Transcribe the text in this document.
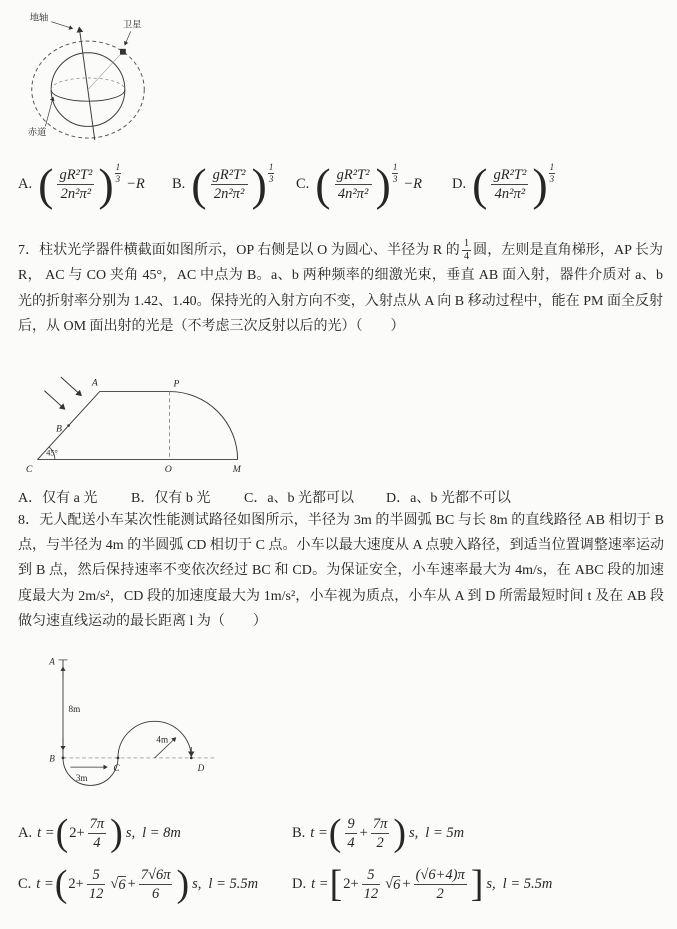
地轴
卫星
赤道
A. ( $\frac{\text{gR²T²}}{\text{2n²π²}}$ ) $\frac{1}{3} -R$ B. ( $\frac{\text{gR²T²}}{\text{2n²π²}}$ ) $\frac{1}{3} C$. ( $\frac{\text{gR²T²}}{\text{4n²π²}}$ ) $\frac{1}{3} -R$ D. ( $\frac{\text{gR²T²}}{\text{4n²π²}}$ ) $\frac{1}{3}$
7．柱状光学器件横截面如图所示，OP 右侧是以 O 为圆心、半径为 R 的 $\frac{1}{4}$ 圆，左则是直角梯形，AP 长为 R， AC 与 CO 夹角 45°，AC 中点为 B。a、b 两种频率的细激光束，垂直 AB 面入射，器件介质对 a、b 光的折射率分别为 1.42、1.40。保持光的入射方向不变，入射点从 A 向 B 移动过程中，能在 PM 面全反射后，从 OM 面出射的光是（不考虑三次反射以后的光）（　　）
A
B
C
45°
O	M
P
A．仅有 a 光 B．仅有 b 光 C．a、b 光都可以 D．a、b 光都不可以
8．无人配送小车某次性能测试路径如图所示，半径为 3m 的半圆弧 BC 与长 8m 的直线路径 AB 相切于 B 点，与半径为 4m 的半圆弧 CD 相切于 C 点。小车以最大速度从 A 点驶入路径，到适当位置调整速率运动到 B 点，然后保持速率不变依次经过 BC 和 CD。为保证安全，小车速率最大为 4m/s，在 ABC 段的加速度最大为 2m/s²，CD 段的加速度最大为 1m/s²，小车视为质点，小车从 A 到 D 所需最短时间 t 及在 AB 段做匀速直线运动的最长距离 l 为（　　）
A
B
C	D
8m
3m
4m
A. t = ( $2+ \frac{7\pi}{4}$ ) s, l = 8m	B. t = ( $\frac{9}{4} + \frac{7\pi}{2}$ ) s, l = 5m
C. t = ( $2+ \frac{5}{12}$ √ $6 + \frac{7√6\pi}{6}$ ) s, l = 5.5m D. t = [ $2+ \frac{5}{12}$ √ $6 + \frac{(√6+4)\pi}{2}$ ] s, l = 5.5m
